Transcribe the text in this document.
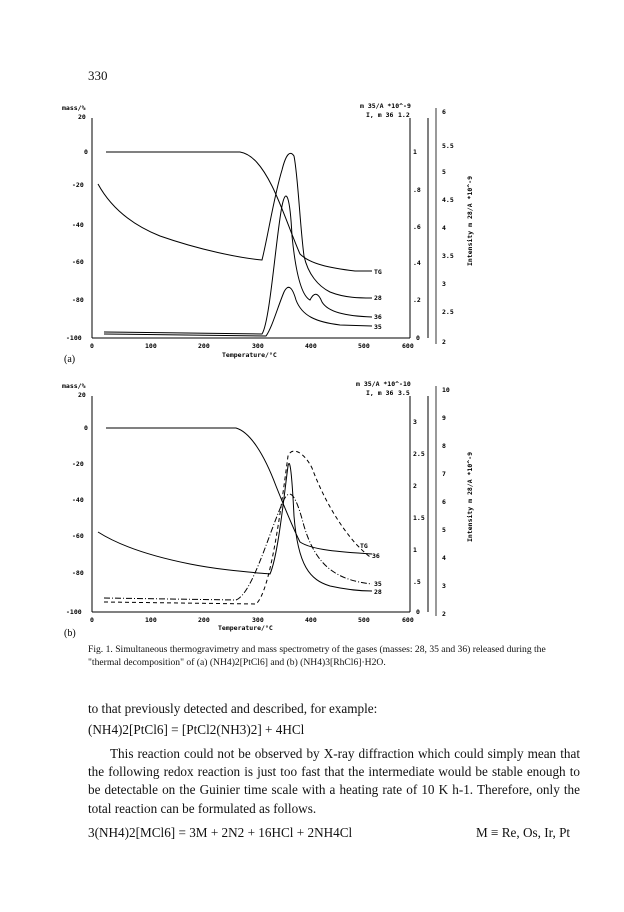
330
mass/%
20
0
-20
-40
-60
-80
-100
m 35/A *10^-9
I, m 36 1.2
1
.8
.6
.4
.2
0
6
5.5
5
4.5
4
3.5
3
2.5
2
Intensity m 28/A *10^-9
0	100	200	300	400	500	600
Temperature/°C
(a)
TG
28
36
35
mass/%
20
0
-20
-40
-60
-80
-100
m 35/A *10^-10
I, m 36 3.5
3
2.5
2
1.5
1
.5
0
10
9
8
7
6
5
4
3
2
Intensity m 28/A *10^-9
0	100	200	300	400	500	600
Temperature/°C
(b)
TG
36
35
28
Fig. 1. Simultaneous thermogravimetry and mass spectrometry of the gases (masses: 28, 35 and 36) released during the "thermal decomposition" of (a) (NH4)2[PtCl6] and (b) (NH4)3[RhCl6]·H2O.
to that previously detected and described, for example:
(NH4)2[PtCl6] = [PtCl2(NH3)2] + 4HCl
This reaction could not be observed by X-ray diffraction which could simply mean that the following redox reaction is just too fast that the intermediate would be stable enough to be detectable on the Guinier time scale with a heating rate of 10 K h-1. Therefore, only the total reaction can be formulated as follows.
3(NH4)2[MCl6] = 3M + 2N2 + 16HCl + 2NH4Cl	M ≡ Re, Os, Ir, Pt
